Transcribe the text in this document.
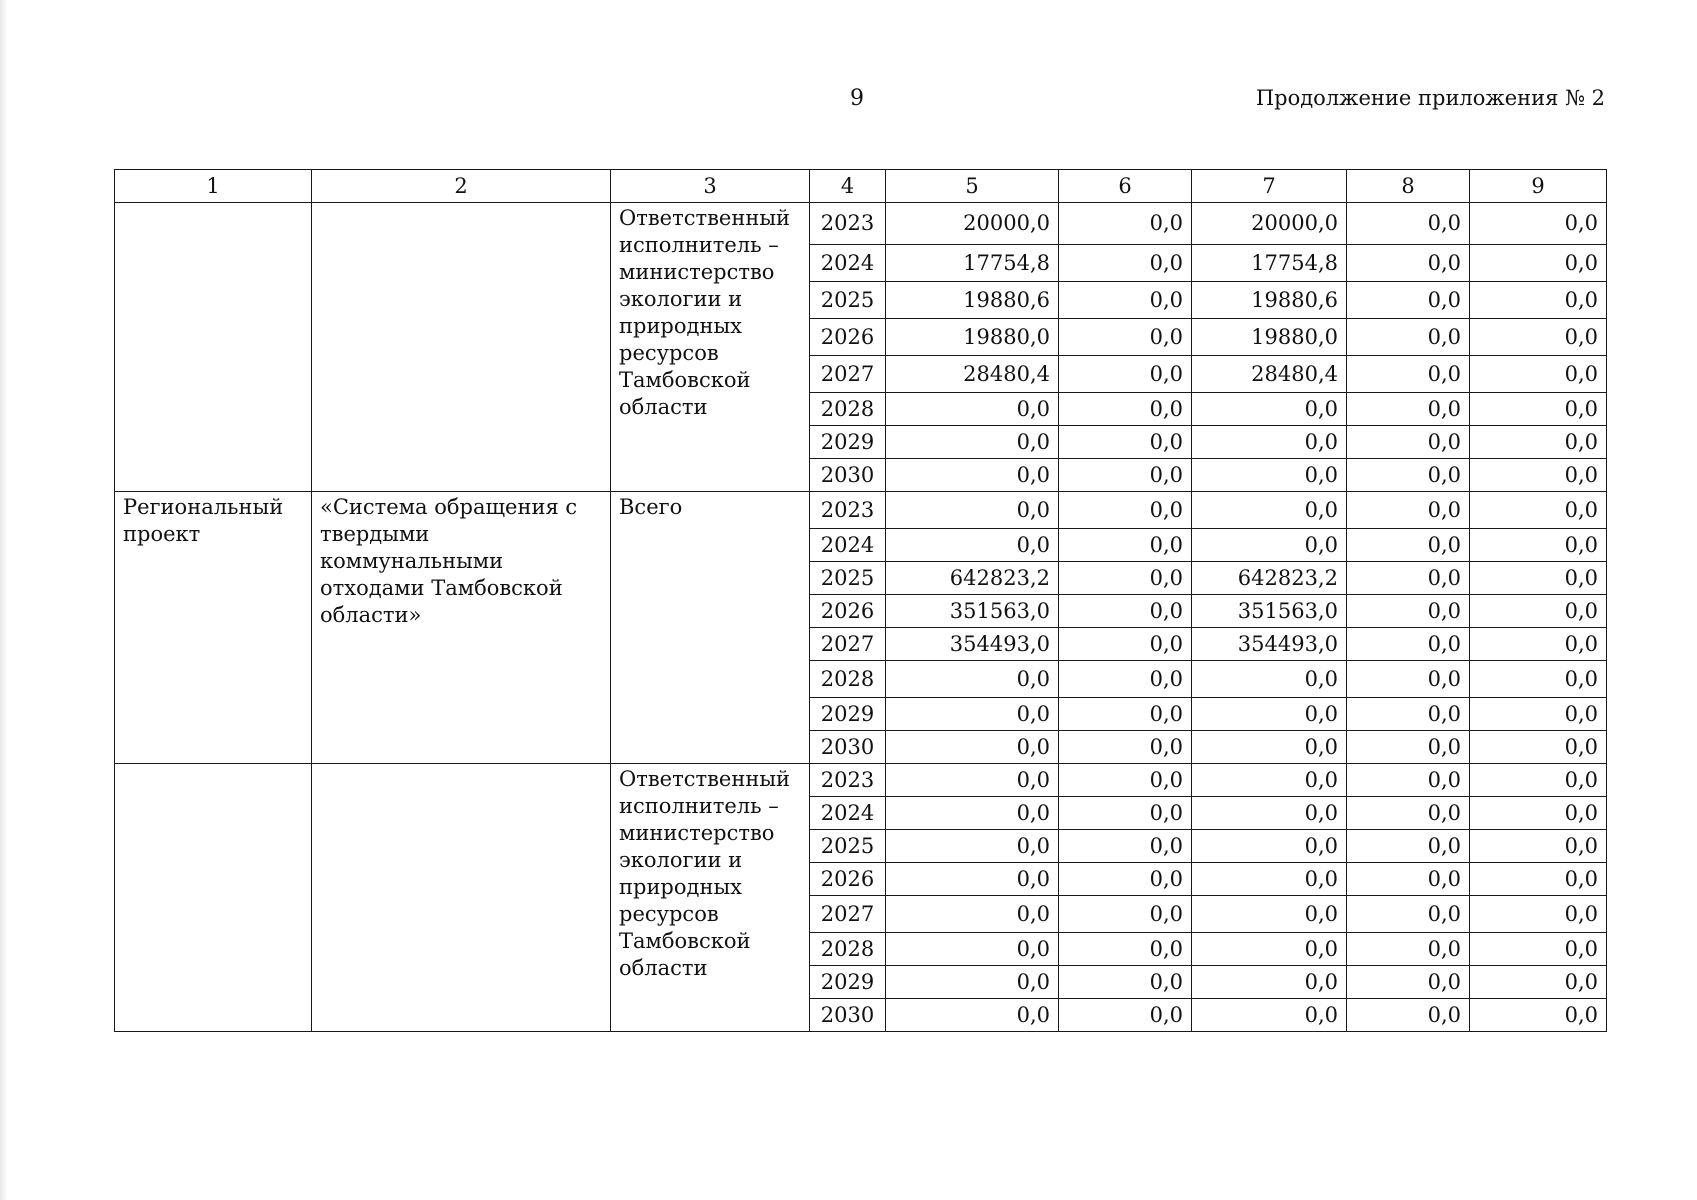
9	Продолжение приложения № 2
1	2	3	4	5	6	7	8	9
		Ответственный исполнитель – министерство экологии и природных ресурсов Тамбовской области	2023	20000,0	0,0	20000,0	0,0	0,0
			2024	17754,8	0,0	17754,8	0,0	0,0
			2025	19880,6	0,0	19880,6	0,0	0,0
			2026	19880,0	0,0	19880,0	0,0	0,0
			2027	28480,4	0,0	28480,4	0,0	0,0
			2028	0,0	0,0	0,0	0,0	0,0
			2029	0,0	0,0	0,0	0,0	0,0
			2030	0,0	0,0	0,0	0,0	0,0
Региональный проект	«Система обращения с твердыми коммунальными отходами Тамбовской области»	Всего	2023	0,0	0,0	0,0	0,0	0,0
			2024	0,0	0,0	0,0	0,0	0,0
			2025	642823,2	0,0	642823,2	0,0	0,0
			2026	351563,0	0,0	351563,0	0,0	0,0
			2027	354493,0	0,0	354493,0	0,0	0,0
			2028	0,0	0,0	0,0	0,0	0,0
			2029	0,0	0,0	0,0	0,0	0,0
			2030	0,0	0,0	0,0	0,0	0,0
		Ответственный исполнитель – министерство экологии и природных ресурсов Тамбовской области	2023	0,0	0,0	0,0	0,0	0,0
			2024	0,0	0,0	0,0	0,0	0,0
			2025	0,0	0,0	0,0	0,0	0,0
			2026	0,0	0,0	0,0	0,0	0,0
			2027	0,0	0,0	0,0	0,0	0,0
			2028	0,0	0,0	0,0	0,0	0,0
			2029	0,0	0,0	0,0	0,0	0,0
			2030	0,0	0,0	0,0	0,0	0,0
